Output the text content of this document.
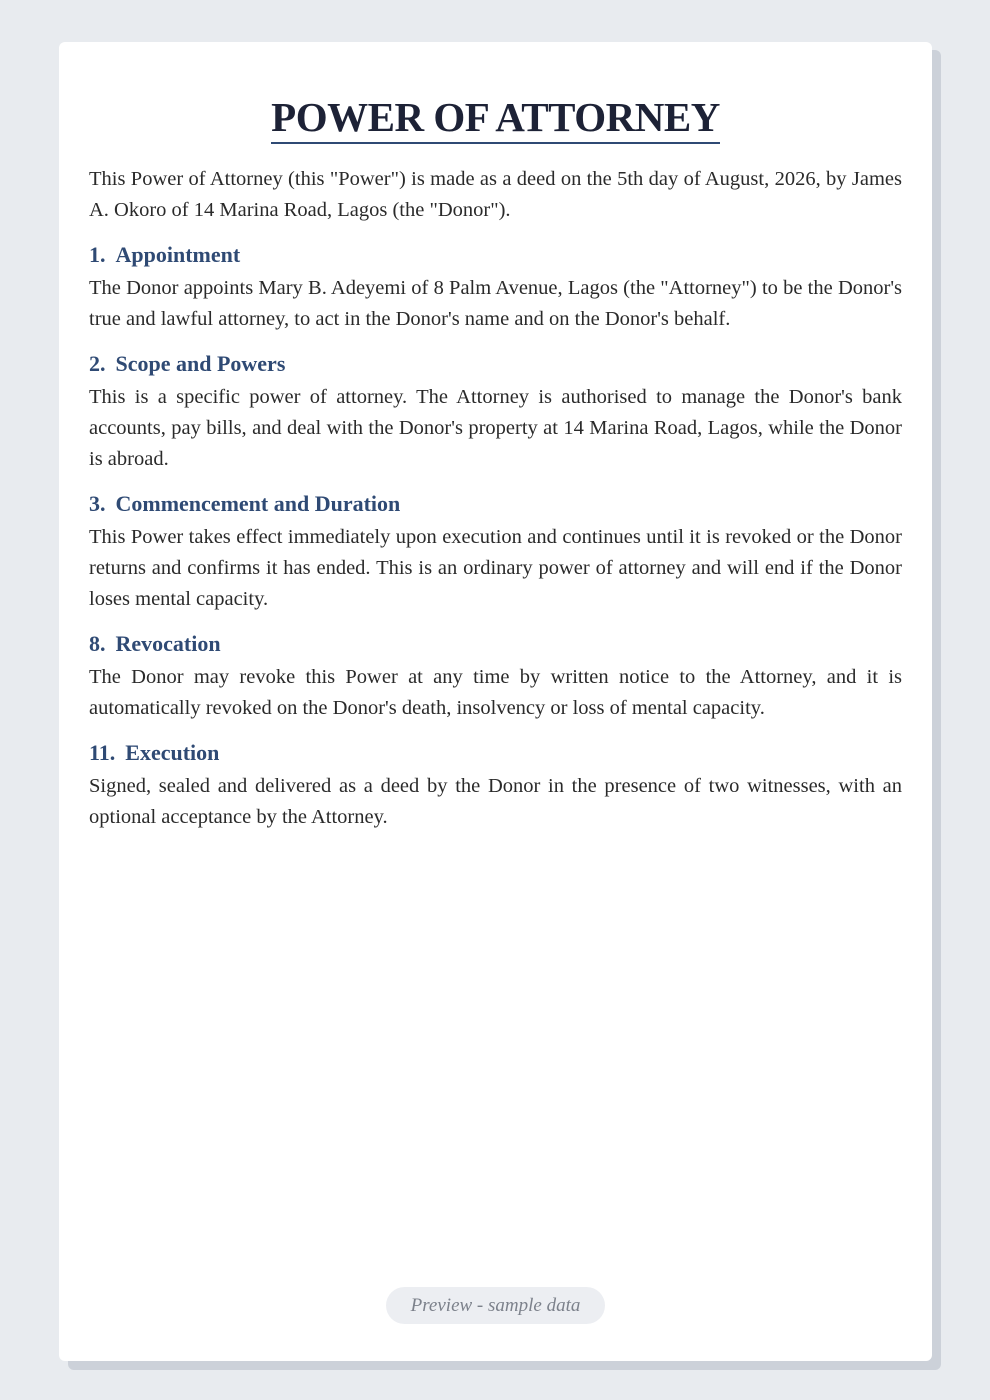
POWER OF ATTORNEY

This Power of Attorney (this "Power") is made as a deed on the 5th day of August, 2026, by James A. Okoro of 14 Marina Road, Lagos (the "Donor").

1. Appointment

The Donor appoints Mary B. Adeyemi of 8 Palm Avenue, Lagos (the "Attorney") to be the Donor's true and lawful attorney, to act in the Donor's name and on the Donor's behalf.

2. Scope and Powers

This is a specific power of attorney. The Attorney is authorised to manage the Donor's bank accounts, pay bills, and deal with the Donor's property at 14 Marina Road, Lagos, while the Donor is abroad.

3. Commencement and Duration

This Power takes effect immediately upon execution and continues until it is revoked or the Donor returns and confirms it has ended. This is an ordinary power of attorney and will end if the Donor loses mental capacity.

8. Revocation

The Donor may revoke this Power at any time by written notice to the Attorney, and it is automatically revoked on the Donor's death, insolvency or loss of mental capacity.

11. Execution

Signed, sealed and delivered as a deed by the Donor in the presence of two witnesses, with an optional acceptance by the Attorney.

Preview - sample data
